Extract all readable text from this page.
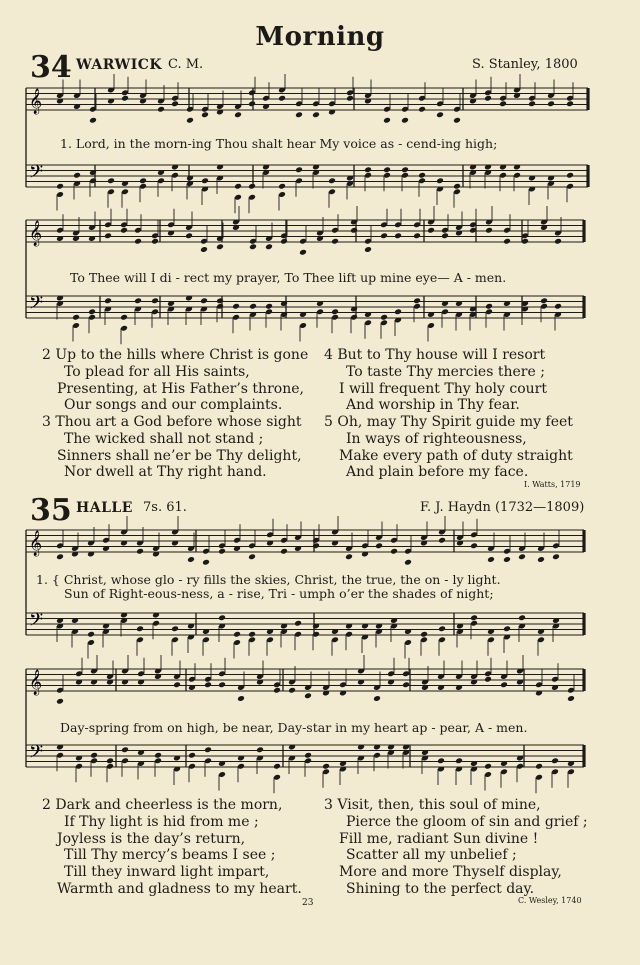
Morning
34 WARWICK C. M.	S. Stanley, 1800
𝄞
𝄢
𝄞
𝄢
𝄞
𝄢
𝄞
𝄢
1. Lord, in the morn-ing Thou shalt hear My voice as - cend-ing high;
To Thee will I di - rect my prayer, To Thee lift up mine eye— A - men.
2 Up to the hills where Christ is gone
To plead for all His saints,
Presenting, at His Father’s throne,
Our songs and our complaints.
3 Thou art a God before whose sight
The wicked shall not stand ;
Sinners shall ne’er be Thy delight,
Nor dwell at Thy right hand.
4 But to Thy house will I resort
To taste Thy mercies there ;
I will frequent Thy holy court
And worship in Thy fear.
5 Oh, may Thy Spirit guide my feet
In ways of righteousness,
Make every path of duty straight
And plain before my face.
I. Watts, 1719
35 HALLE 7s. 61.	F. J. Haydn (1732—1809)
1. { Christ, whose glo - ry fills the skies, Christ, the true, the on - ly light.
Sun of Right-eous-ness, a - rise, Tri - umph o’er the shades of night;
Day-spring from on high, be near, Day-star in my heart ap - pear, A - men.
2 Dark and cheerless is the morn,
If Thy light is hid from me ;
Joyless is the day’s return,
Till Thy mercy’s beams I see ;
Till they inward light impart,
Warmth and gladness to my heart.
3 Visit, then, this soul of mine,
Pierce the gloom of sin and grief ;
Fill me, radiant Sun divine !
Scatter all my unbelief ;
More and more Thyself display,
Shining to the perfect day.
23	C. Wesley, 1740
